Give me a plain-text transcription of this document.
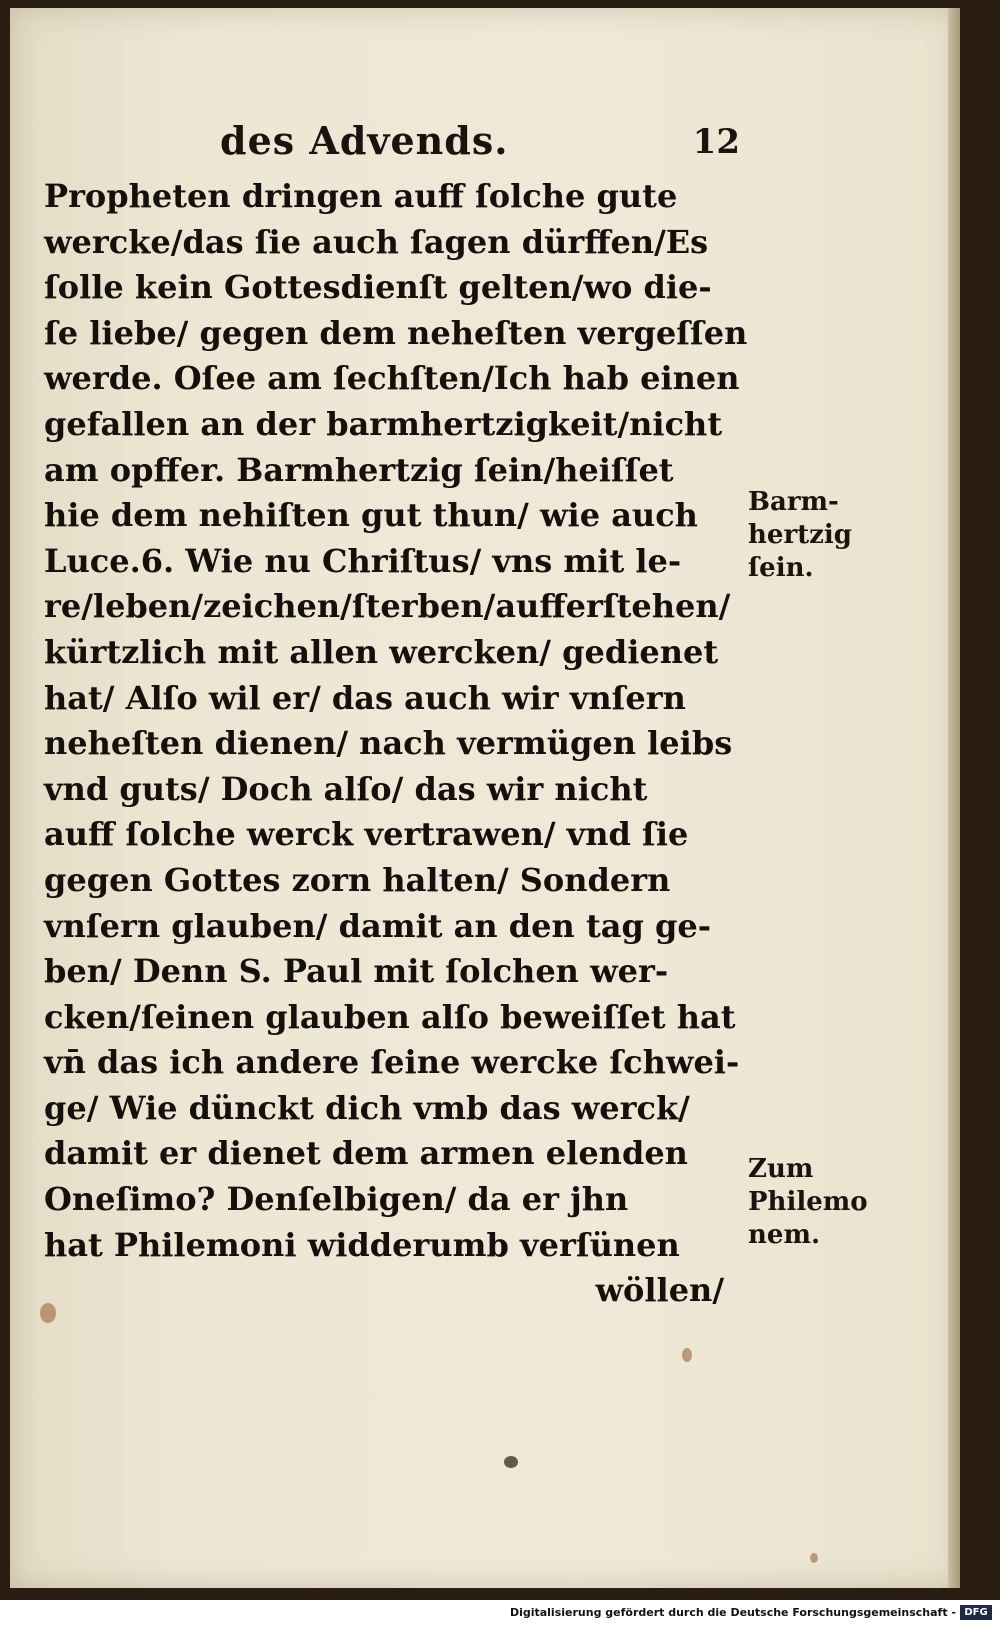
des Advends.	12
Propheten dringen auff ſolche gute
wercke/das ſie auch ſagen dürffen/Es
ſolle kein Gottesdienſt gelten/wo die-
ſe liebe/ gegen dem neheſten vergeſſen
werde. Oſee am ſechſten/Ich hab einen
gefallen an der barmhertzigkeit/nicht
am opffer. Barmhertzig ſein/heiſſet
hie dem nehiſten gut thun/ wie auch
Luce.6. Wie nu Chriſtus/ vns mit le-
re/leben/zeichen/ſterben/aufferſtehen/
kürtzlich mit allen wercken/ gedienet
hat/ Alſo wil er/ das auch wir vnſern
neheſten dienen/ nach vermügen leibs
vnd guts/ Doch alſo/ das wir nicht
auff ſolche werck vertrawen/ vnd ſie
gegen Gottes zorn halten/ Sondern
vnſern glauben/ damit an den tag ge-
ben/ Denn S. Paul mit ſolchen wer-
cken/ſeinen glauben alſo beweiſſet hat
vn̄ das ich andere ſeine wercke ſchwei-
ge/ Wie dünckt dich vmb das werck/
damit er dienet dem armen elenden
Oneſimo? Denſelbigen/ da er jhn
hat Philemoni widderumb verſünen
wöllen/
Barm-
hertzig
ſein.
Zum
Philemo
nem.
Digitalisierung gefördert durch die Deutsche Forschungsgemeinschaft - DFG
